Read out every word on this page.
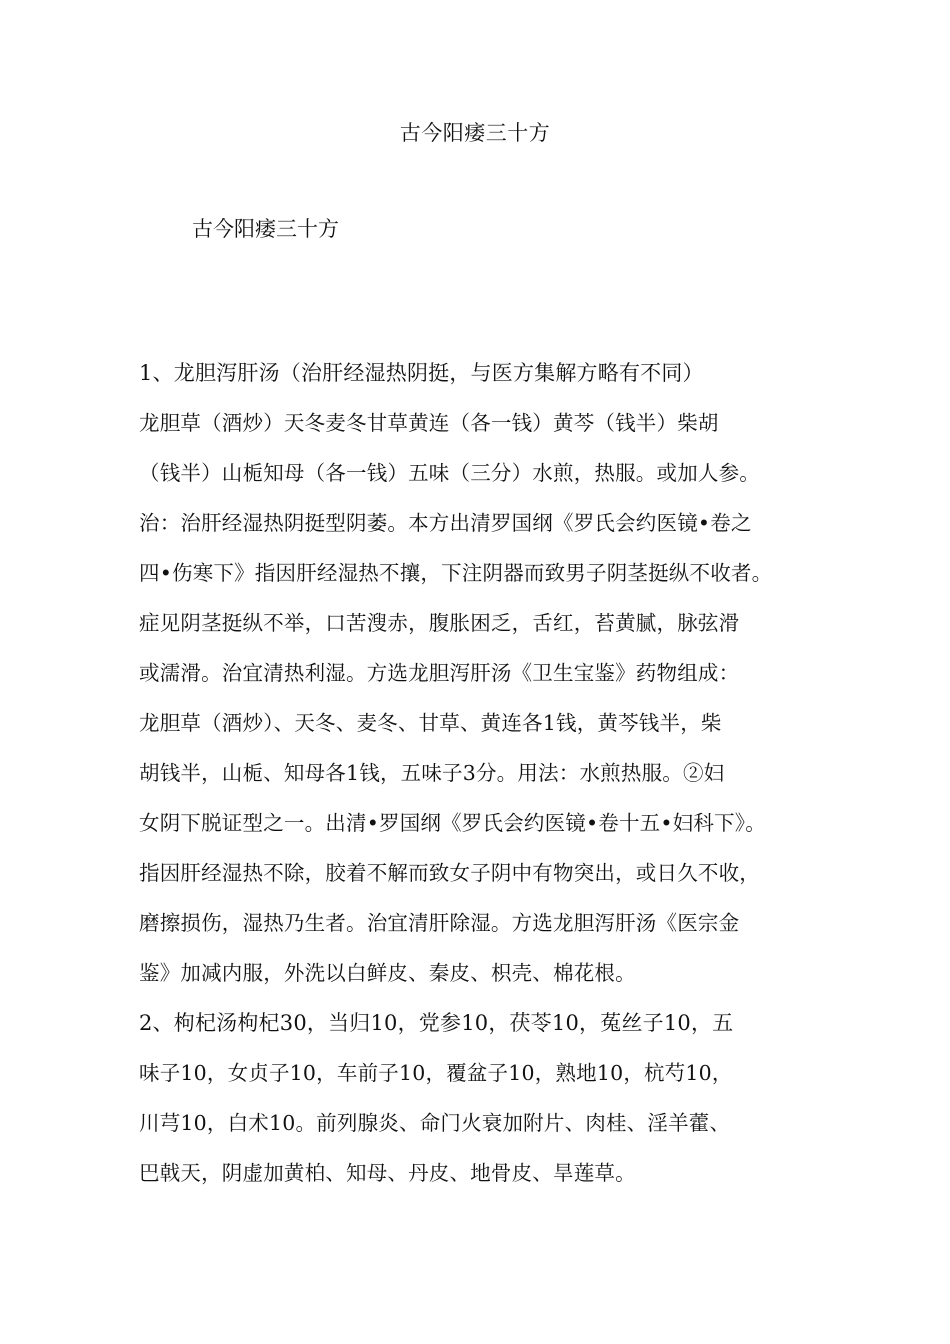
古今阳痿三十方
古今阳痿三十方
1、龙胆泻肝汤（治肝经湿热阴挺，与医方集解方略有不同）
龙胆草（酒炒）天冬麦冬甘草黄连（各一钱）黄芩（钱半）柴胡
（钱半）山栀知母（各一钱）五味（三分）水煎，热服。或加人参。
治：治肝经湿热阴挺型阴萎。本方出清罗国纲《罗氏会约医镜•卷之
四•伤寒下》指因肝经湿热不攘，下注阴器而致男子阴茎挺纵不收者。
症见阴茎挺纵不举，口苦溲赤，腹胀困乏，舌红，苔黄腻，脉弦滑
或濡滑。治宜清热利湿。方选龙胆泻肝汤《卫生宝鉴》药物组成：
龙胆草（酒炒）、天冬、麦冬、甘草、黄连各1钱，黄芩钱半，柴
胡钱半，山栀、知母各1钱，五味子3分。用法：水煎热服。②妇
女阴下脱证型之一。出清•罗国纲《罗氏会约医镜•卷十五•妇科下》。
指因肝经湿热不除，胶着不解而致女子阴中有物突出，或日久不收，
磨擦损伤，湿热乃生者。治宜清肝除湿。方选龙胆泻肝汤《医宗金
鉴》加减内服，外洗以白鲜皮、秦皮、枳壳、棉花根。
2、枸杞汤枸杞30，当归10，党参10，茯苓10，菟丝子10，五
味子10，女贞子10，车前子10，覆盆子10，熟地10，杭芍10，
川芎10，白术10。前列腺炎、命门火衰加附片、肉桂、淫羊藿、
巴戟天，阴虚加黄柏、知母、丹皮、地骨皮、旱莲草。
